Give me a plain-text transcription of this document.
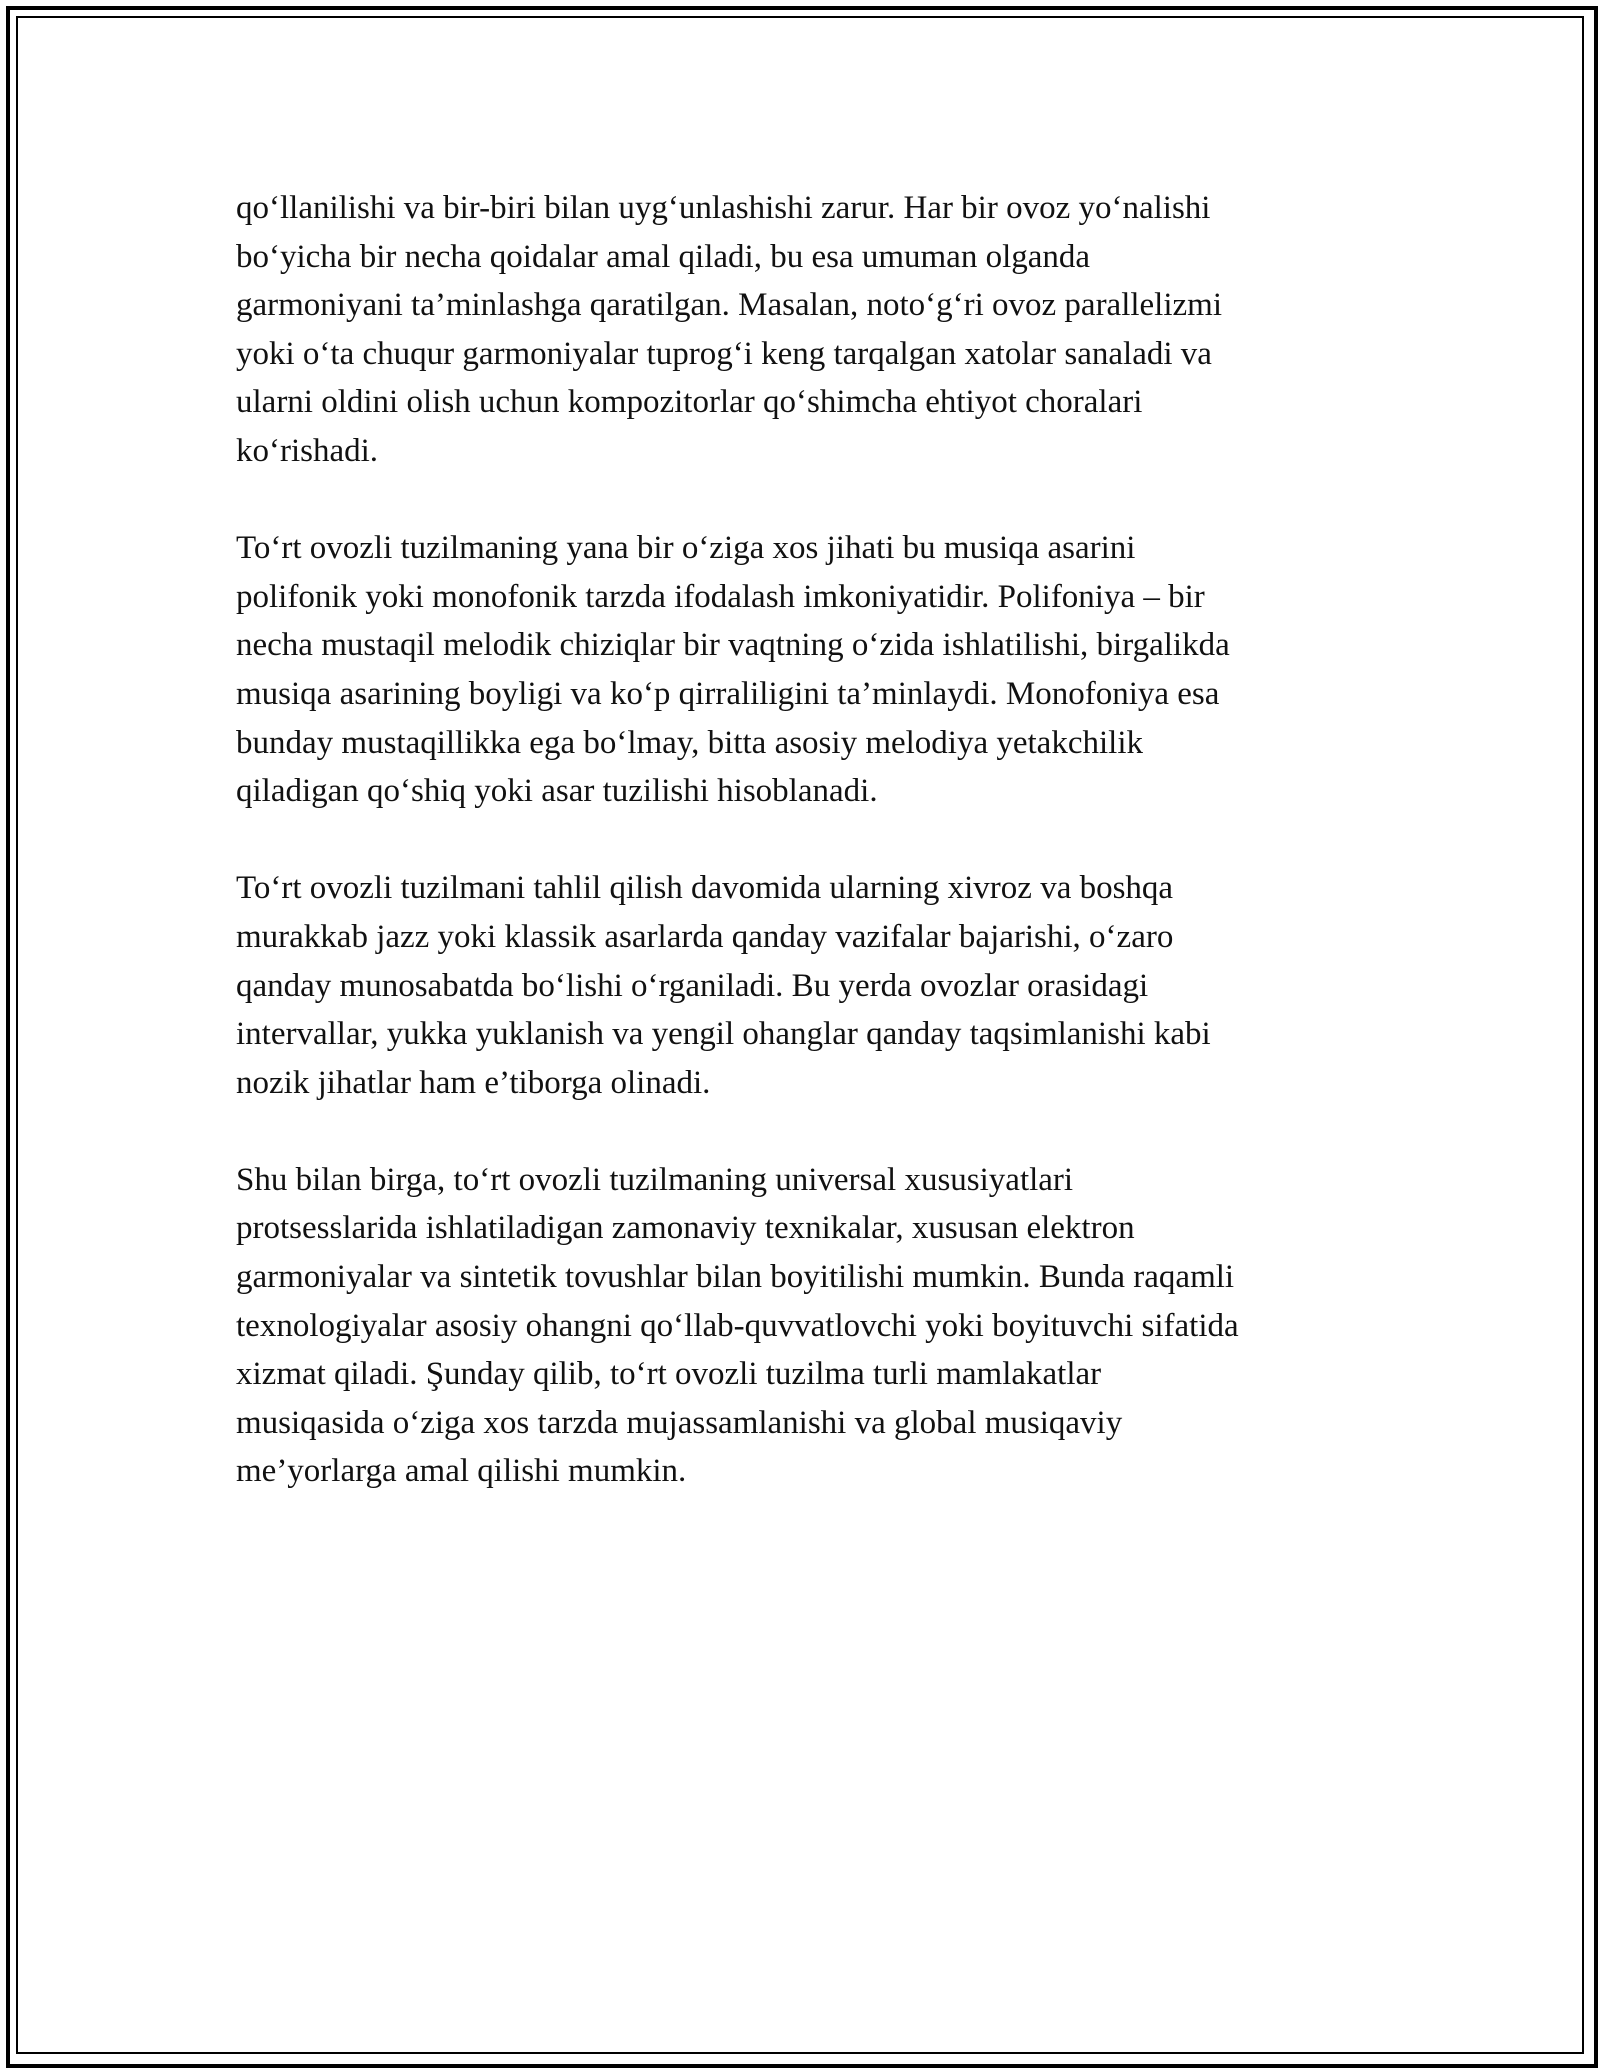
qo‘llanilishi va bir-biri bilan uyg‘unlashishi zarur. Har bir ovoz yo‘nalishi
bo‘yicha bir necha qoidalar amal qiladi, bu esa umuman olganda
garmoniyani ta’minlashga qaratilgan. Masalan, noto‘g‘ri ovoz parallelizmi
yoki o‘ta chuqur garmoniyalar tuprog‘i keng tarqalgan xatolar sanaladi va
ularni oldini olish uchun kompozitorlar qo‘shimcha ehtiyot choralari
ko‘rishadi.

To‘rt ovozli tuzilmaning yana bir o‘ziga xos jihati bu musiqa asarini
polifonik yoki monofonik tarzda ifodalash imkoniyatidir. Polifoniya – bir
necha mustaqil melodik chiziqlar bir vaqtning o‘zida ishlatilishi, birgalikda
musiqa asarining boyligi va ko‘p qirraliligini ta’minlaydi. Monofoniya esa
bunday mustaqillikka ega bo‘lmay, bitta asosiy melodiya yetakchilik
qiladigan qo‘shiq yoki asar tuzilishi hisoblanadi.

To‘rt ovozli tuzilmani tahlil qilish davomida ularning xivroz va boshqa
murakkab jazz yoki klassik asarlarda qanday vazifalar bajarishi, o‘zaro
qanday munosabatda bo‘lishi o‘rganiladi. Bu yerda ovozlar orasidagi
intervallar, yukka yuklanish va yengil ohanglar qanday taqsimlanishi kabi
nozik jihatlar ham e’tiborga olinadi.

Shu bilan birga, to‘rt ovozli tuzilmaning universal xususiyatlari
protsesslarida ishlatiladigan zamonaviy texnikalar, xususan elektron
garmoniyalar va sintetik tovushlar bilan boyitilishi mumkin. Bunda raqamli
texnologiyalar asosiy ohangni qo‘llab-quvvatlovchi yoki boyituvchi sifatida
xizmat qiladi. Şunday qilib, to‘rt ovozli tuzilma turli mamlakatlar
musiqasida o‘ziga xos tarzda mujassamlanishi va global musiqaviy
me’yorlarga amal qilishi mumkin.
